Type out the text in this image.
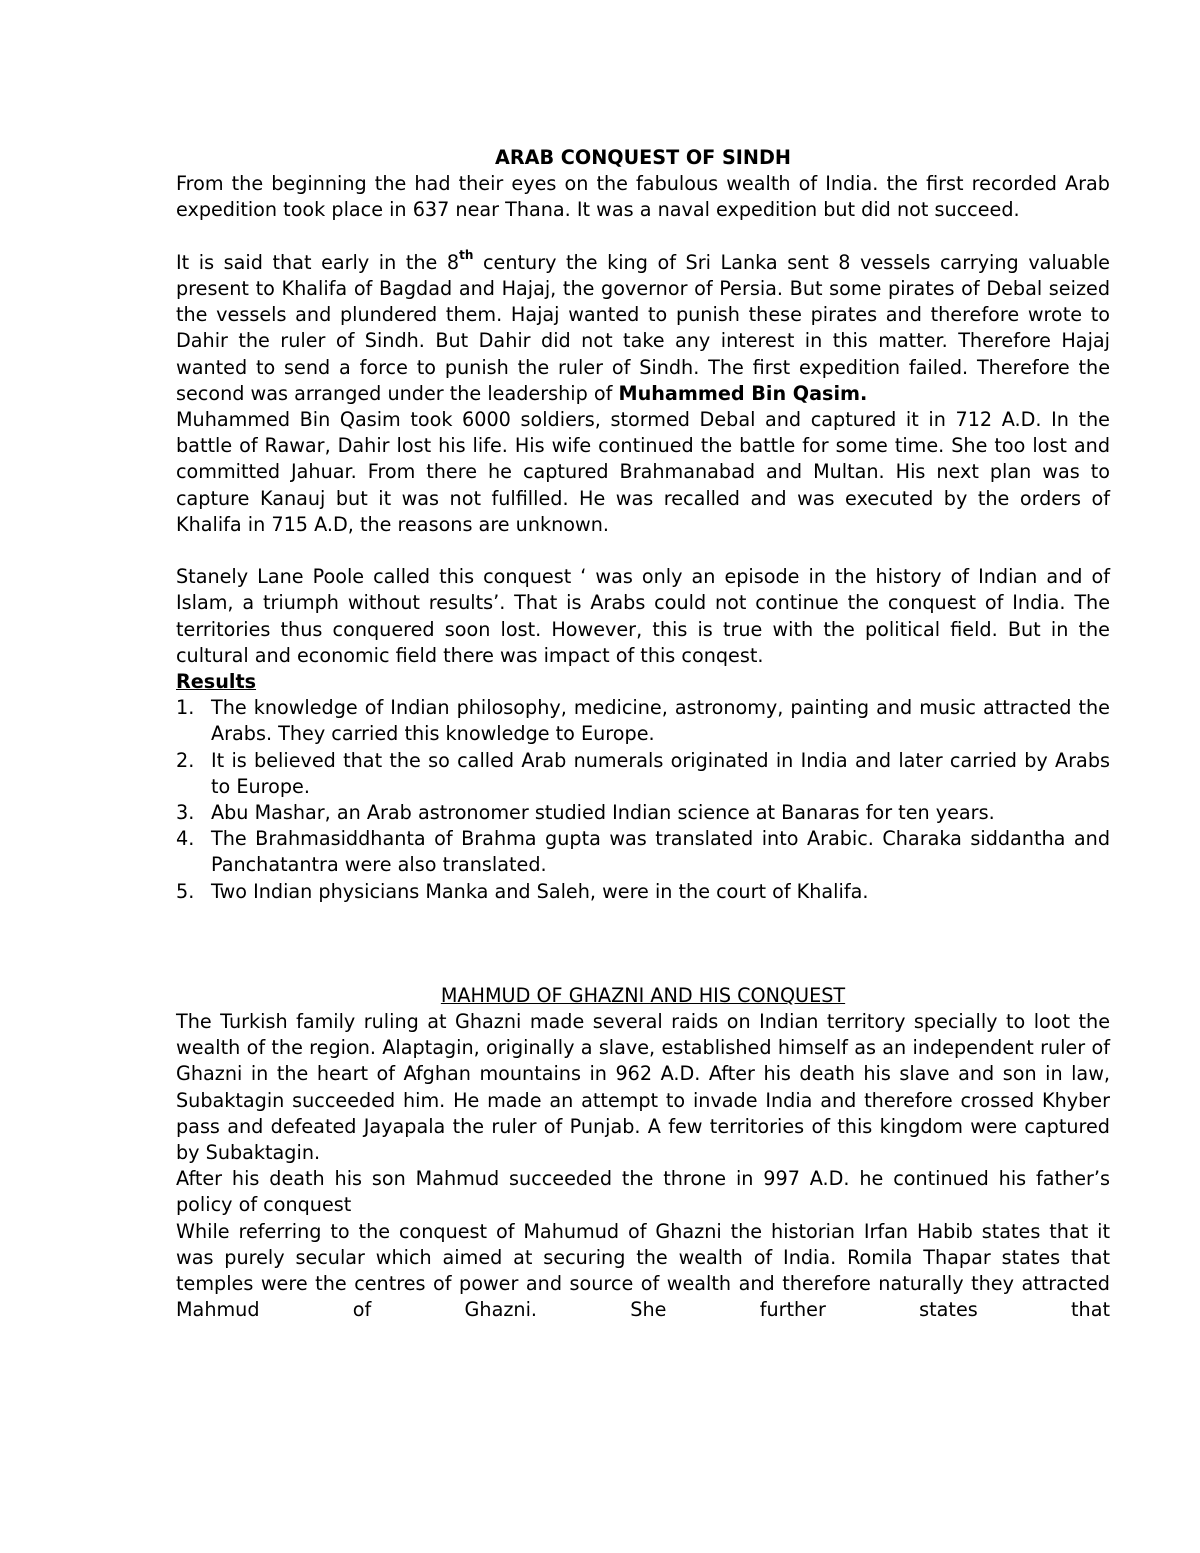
ARAB CONQUEST OF SINDH

From the beginning the had their eyes on the fabulous wealth of India. the first recorded Arab expedition took place in 637 near Thana. It was a naval expedition but did not succeed.

It is said that early in the 8th century the king of Sri Lanka sent 8 vessels carrying valuable present to Khalifa of Bagdad and Hajaj, the governor of Persia. But some pirates of Debal seized the vessels and plundered them. Hajaj wanted to punish these pirates and therefore wrote to Dahir the ruler of Sindh. But Dahir did not take any interest in this matter. Therefore Hajaj wanted to send a force to punish the ruler of Sindh. The first expedition failed. Therefore the second was arranged under the leadership of Muhammed Bin Qasim.

Muhammed Bin Qasim took 6000 soldiers, stormed Debal and captured it in 712 A.D. In the battle of Rawar, Dahir lost his life. His wife continued the battle for some time. She too lost and committed Jahuar. From there he captured Brahmanabad and Multan. His next plan was to capture Kanauj but it was not fulfilled. He was recalled and was executed by the orders of Khalifa in 715 A.D, the reasons are unknown.

Stanely Lane Poole called this conquest ‘ was only an episode in the history of Indian and of Islam, a triumph without results’. That is Arabs could not continue the conquest of India. The territories thus conquered soon lost. However, this is true with the political field. But in the cultural and economic field there was impact of this conqest.

Results
1. The knowledge of Indian philosophy, medicine, astronomy, painting and music attracted the Arabs. They carried this knowledge to Europe.
2. It is believed that the so called Arab numerals originated in India and later carried by Arabs to Europe.
3. Abu Mashar, an Arab astronomer studied Indian science at Banaras for ten years.
4. The Brahmasiddhanta of Brahma gupta was translated into Arabic. Charaka siddantha and Panchatantra were also translated.
5. Two Indian physicians Manka and Saleh, were in the court of Khalifa.
MAHMUD OF GHAZNI AND HIS CONQUEST

The Turkish family ruling at Ghazni made several raids on Indian territory specially to loot the wealth of the region. Alaptagin, originally a slave, established himself as an independent ruler of Ghazni in the heart of Afghan mountains in 962 A.D. After his death his slave and son in law, Subaktagin succeeded him. He made an attempt to invade India and therefore crossed Khyber pass and defeated Jayapala the ruler of Punjab. A few territories of this kingdom were captured by Subaktagin.

After his death his son Mahmud succeeded the throne in 997 A.D. he continued his father’s policy of conquest

While referring to the conquest of Mahumud of Ghazni the historian Irfan Habib states that it was purely secular which aimed at securing the wealth of India. Romila Thapar states that temples were the centres of power and source of wealth and therefore naturally they attracted Mahmud of Ghazni. She further states that
